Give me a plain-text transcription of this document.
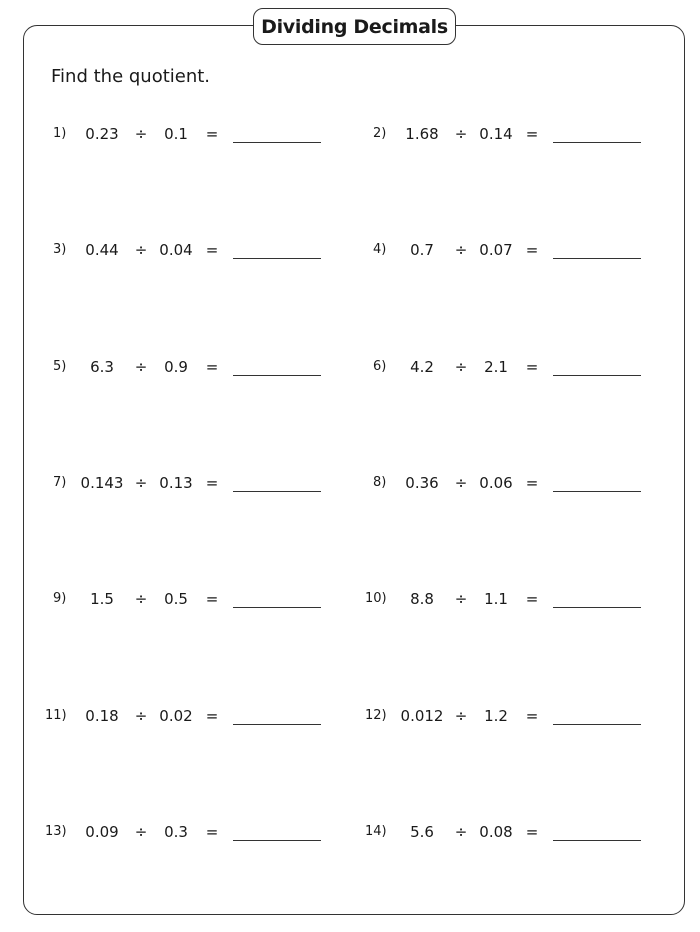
Dividing Decimals
Find the quotient.
1) 0.23 ÷ 0.1 =	2) 1.68 ÷ 0.14 =
3) 0.44 ÷ 0.04 =	4) 0.7 ÷ 0.07 =
5) 6.3 ÷ 0.9 =	6) 4.2 ÷ 2.1 =
7) 0.143 ÷ 0.13 =	8) 0.36 ÷ 0.06 =
9) 1.5 ÷ 0.5 =	10) 8.8 ÷ 1.1 =
11) 0.18 ÷ 0.02 =	12) 0.012 ÷ 1.2 =
13) 0.09 ÷ 0.3 =	14) 5.6 ÷ 0.08 =
